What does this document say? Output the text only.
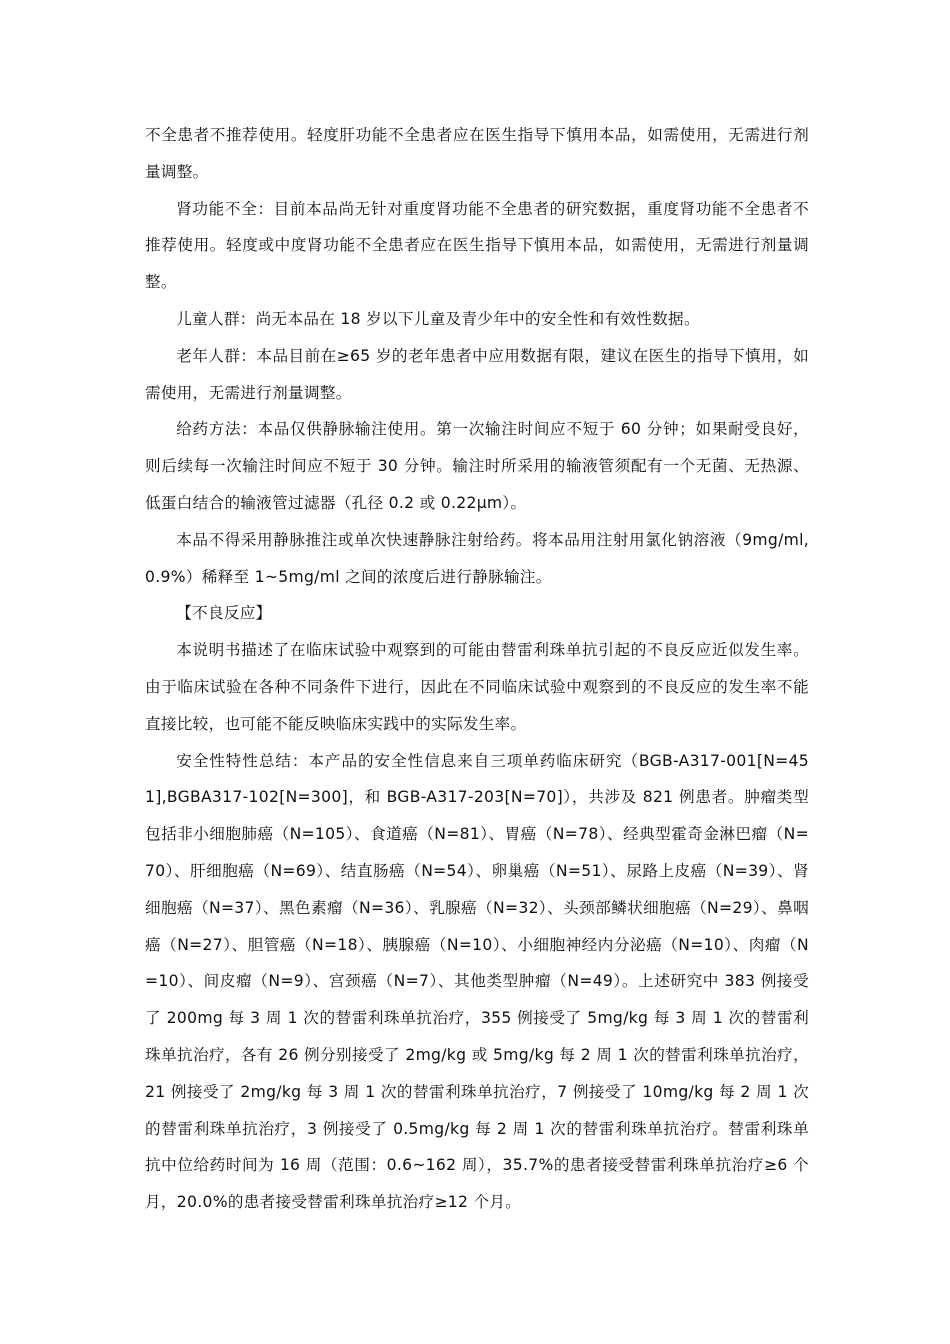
不全患者不推荐使用。轻度肝功能不全患者应在医生指导下慎用本品，如需使用，无需进行剂量调整。

肾功能不全：目前本品尚无针对重度肾功能不全患者的研究数据，重度肾功能不全患者不推荐使用。轻度或中度肾功能不全患者应在医生指导下慎用本品，如需使用，无需进行剂量调整。

儿童人群：尚无本品在 18 岁以下儿童及青少年中的安全性和有效性数据。

老年人群：本品目前在≥65 岁的老年患者中应用数据有限，建议在医生的指导下慎用，如需使用，无需进行剂量调整。

给药方法：本品仅供静脉输注使用。第一次输注时间应不短于 60 分钟；如果耐受良好，则后续每一次输注时间应不短于 30 分钟。输注时所采用的输液管须配有一个无菌、无热源、低蛋白结合的输液管过滤器（孔径 0.2 或 0.22μm）。

本品不得采用静脉推注或单次快速静脉注射给药。将本品用注射用氯化钠溶液（9mg/ml, 0.9%）稀释至 1~5mg/ml 之间的浓度后进行静脉输注。

【不良反应】

本说明书描述了在临床试验中观察到的可能由替雷利珠单抗引起的不良反应近似发生率。由于临床试验在各种不同条件下进行，因此在不同临床试验中观察到的不良反应的发生率不能直接比较，也可能不能反映临床实践中的实际发生率。

安全性特性总结：本产品的安全性信息来自三项单药临床研究（BGB-A317-001[N=451],BGBA317-102[N=300]，和 BGB-A317-203[N=70]），共涉及 821 例患者。肿瘤类型包括非小细胞肺癌（N=105）、食道癌（N=81）、胃癌（N=78）、经典型霍奇金淋巴瘤（N=70）、肝细胞癌（N=69）、结直肠癌（N=54）、卵巢癌（N=51）、尿路上皮癌（N=39）、肾细胞癌（N=37）、黑色素瘤（N=36）、乳腺癌（N=32）、头颈部鳞状细胞癌（N=29）、鼻咽癌（N=27）、胆管癌（N=18）、胰腺癌（N=10）、小细胞神经内分泌癌（N=10）、肉瘤（N=10）、间皮瘤（N=9）、宫颈癌（N=7）、其他类型肿瘤（N=49）。上述研究中 383 例接受了 200mg 每 3 周 1 次的替雷利珠单抗治疗，355 例接受了 5mg/kg 每 3 周 1 次的替雷利珠单抗治疗，各有 26 例分别接受了 2mg/kg 或 5mg/kg 每 2 周 1 次的替雷利珠单抗治疗，21 例接受了 2mg/kg 每 3 周 1 次的替雷利珠单抗治疗，7 例接受了 10mg/kg 每 2 周 1 次的替雷利珠单抗治疗，3 例接受了 0.5mg/kg 每 2 周 1 次的替雷利珠单抗治疗。替雷利珠单抗中位给药时间为 16 周（范围：0.6~162 周），35.7%的患者接受替雷利珠单抗治疗≥6 个月，20.0%的患者接受替雷利珠单抗治疗≥12 个月。
